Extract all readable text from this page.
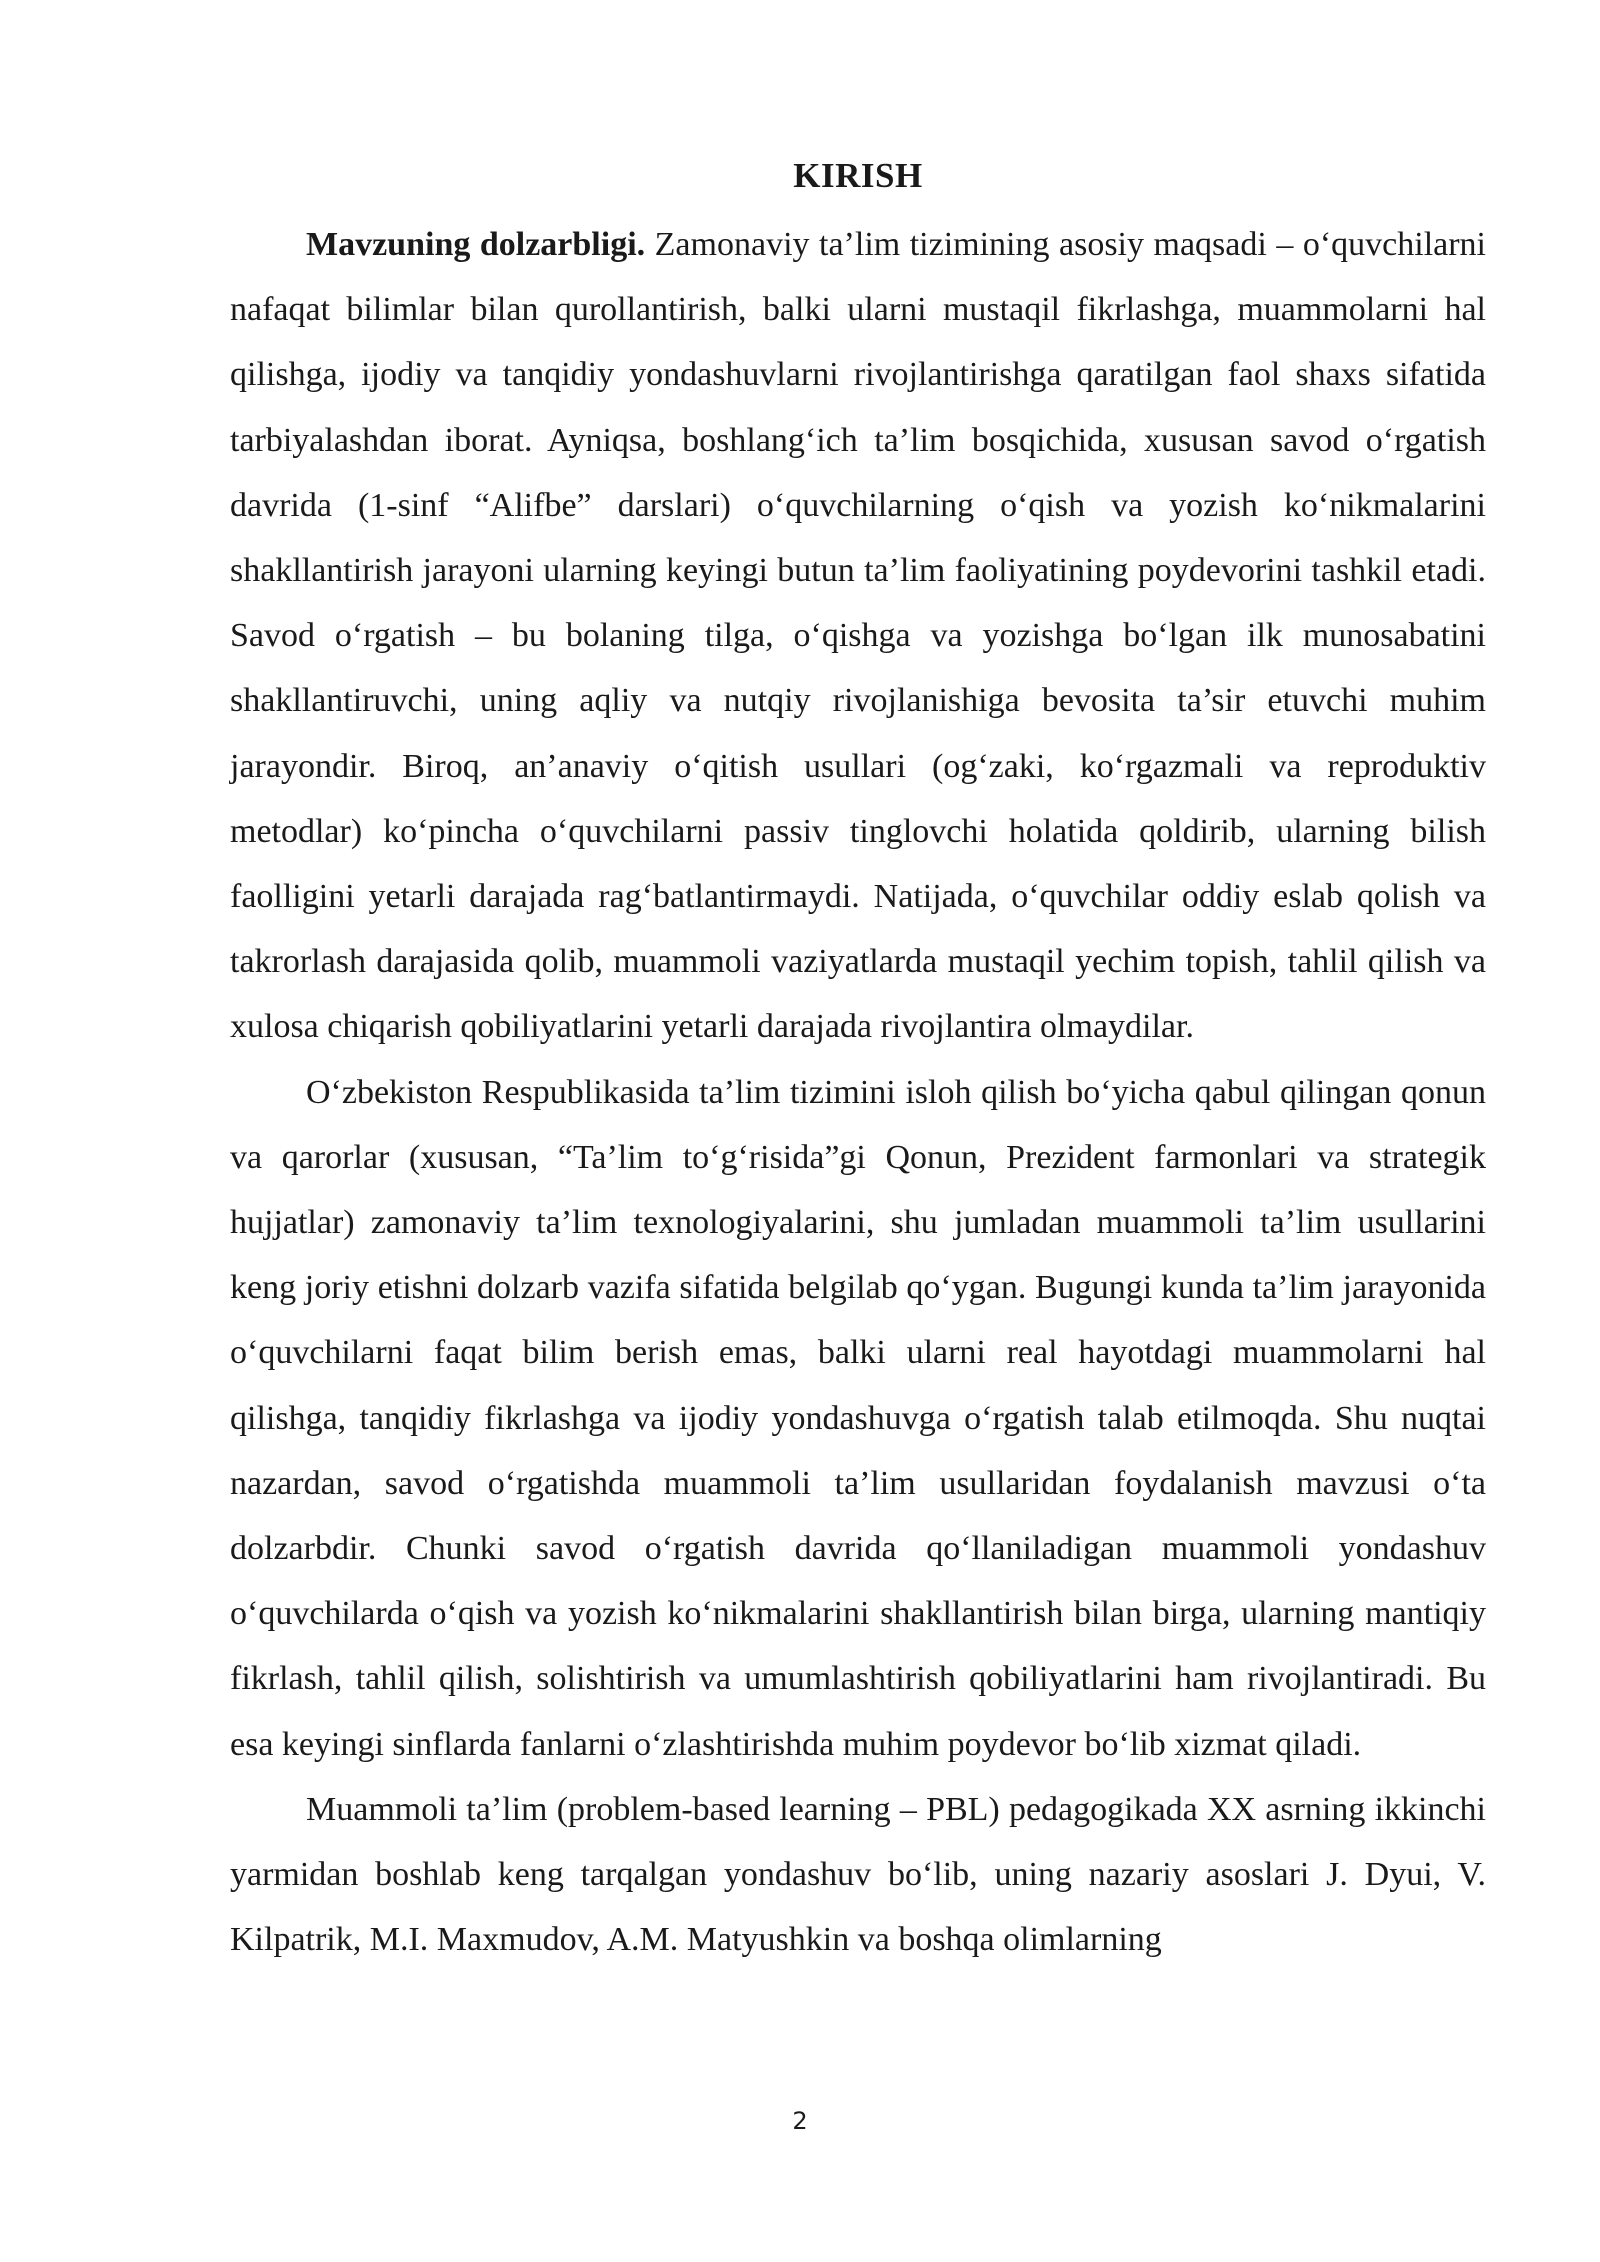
KIRISH

Mavzuning dolzarbligi. Zamonaviy ta’lim tizimining asosiy maqsadi – o‘quvchilarni nafaqat bilimlar bilan qurollantirish, balki ularni mustaqil fikrlashga, muammolarni hal qilishga, ijodiy va tanqidiy yondashuvlarni rivojlantirishga qaratilgan faol shaxs sifatida tarbiyalashdan iborat. Ayniqsa, boshlang‘ich ta’lim bosqichida, xususan savod o‘rgatish davrida (1-sinf “Alifbe” darslari) o‘quvchilarning o‘qish va yozish ko‘nikmalarini shakllantirish jarayoni ularning keyingi butun ta’lim faoliyatining poydevorini tashkil etadi. Savod o‘rgatish – bu bolaning tilga, o‘qishga va yozishga bo‘lgan ilk munosabatini shakllantiruvchi, uning aqliy va nutqiy rivojlanishiga bevosita ta’sir etuvchi muhim jarayondir. Biroq, an’anaviy o‘qitish usullari (og‘zaki, ko‘rgazmali va reproduktiv metodlar) ko‘pincha o‘quvchilarni passiv tinglovchi holatida qoldirib, ularning bilish faolligini yetarli darajada rag‘batlantirmaydi. Natijada, o‘quvchilar oddiy eslab qolish va takrorlash darajasida qolib, muammoli vaziyatlarda mustaqil yechim topish, tahlil qilish va xulosa chiqarish qobiliyatlarini yetarli darajada rivojlantira olmaydilar.

O‘zbekiston Respublikasida ta’lim tizimini isloh qilish bo‘yicha qabul qilingan qonun va qarorlar (xususan, “Ta’lim to‘g‘risida”gi Qonun, Prezident farmonlari va strategik hujjatlar) zamonaviy ta’lim texnologiyalarini, shu jumladan muammoli ta’lim usullarini keng joriy etishni dolzarb vazifa sifatida belgilab qo‘ygan. Bugungi kunda ta’lim jarayonida o‘quvchilarni faqat bilim berish emas, balki ularni real hayotdagi muammolarni hal qilishga, tanqidiy fikrlashga va ijodiy yondashuvga o‘rgatish talab etilmoqda. Shu nuqtai nazardan, savod o‘rgatishda muammoli ta’lim usullaridan foydalanish mavzusi o‘ta dolzarbdir. Chunki savod o‘rgatish davrida qo‘llaniladigan muammoli yondashuv o‘quvchilarda o‘qish va yozish ko‘nikmalarini shakllantirish bilan birga, ularning mantiqiy fikrlash, tahlil qilish, solishtirish va umumlashtirish qobiliyatlarini ham rivojlantiradi. Bu esa keyingi sinflarda fanlarni o‘zlashtirishda muhim poydevor bo‘lib xizmat qiladi.

Muammoli ta’lim (problem-based learning – PBL) pedagogikada XX asrning ikkinchi yarmidan boshlab keng tarqalgan yondashuv bo‘lib, uning nazariy asoslari J. Dyui, V. Kilpatrik, M.I. Maxmudov, A.M. Matyushkin va boshqa olimlarning

2
